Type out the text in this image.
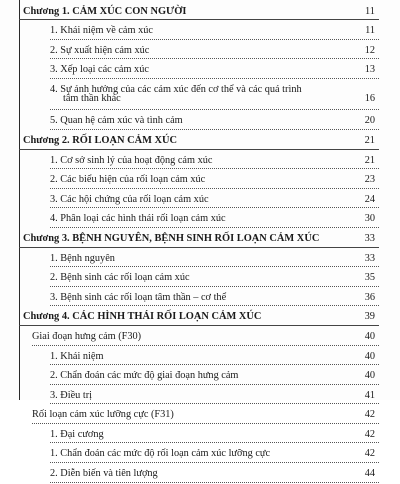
Chương 1. CẢM XÚC CON NGƯỜI	11
1. Khái niệm về cảm xúc	11
2. Sự xuất hiện cảm xúc	12
3. Xếp loại các cảm xúc	13
4. Sự ảnh hưởng của các cảm xúc đến cơ thể và các quá trình
tâm thần khác	16
5. Quan hệ cảm xúc và tình cảm	20
Chương 2. RỐI LOẠN CẢM XÚC	21
1. Cơ sở sinh lý của hoạt động cảm xúc	21
2. Các biểu hiện của rối loạn cảm xúc	23
3. Các hội chứng của rối loạn cảm xúc	24
4. Phân loại các hình thái rối loạn cảm xúc	30
Chương 3. BỆNH NGUYÊN, BỆNH SINH RỐI LOẠN CẢM XÚC	33
1. Bệnh nguyên	33
2. Bệnh sinh các rối loạn cảm xúc	35
3. Bệnh sinh các rối loạn tâm thần – cơ thể	36
Chương 4. CÁC HÌNH THÁI RỐI LOẠN CẢM XÚC	39
Giai đoạn hưng cảm (F30)	40
1. Khái niệm	40
2. Chẩn đoán các mức độ giai đoạn hưng cảm	40
3. Điều trị	41
Rối loạn cảm xúc lưỡng cực (F31)	42
1. Đại cương	42
1. Chẩn đoán các mức độ rối loạn cảm xúc lưỡng cực	42
2. Diễn biến và tiên lượng	44
